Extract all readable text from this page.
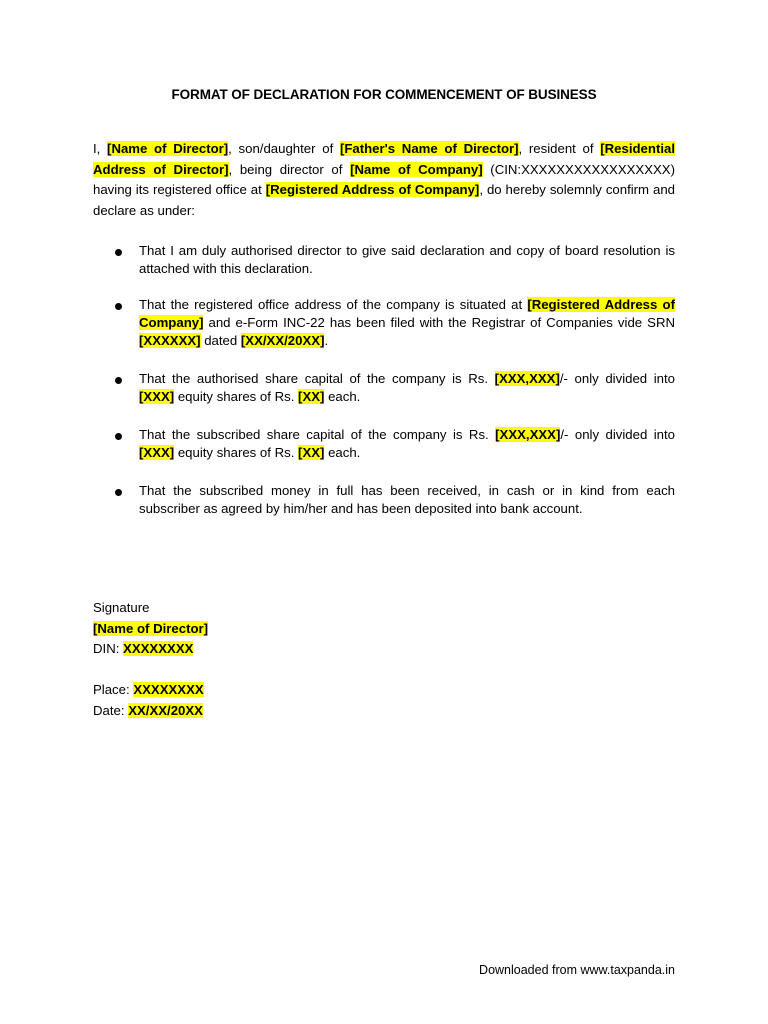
FORMAT OF DECLARATION FOR COMMENCEMENT OF BUSINESS
I, [Name of Director], son/daughter of [Father's Name of Director], resident of [Residential Address of Director], being director of [Name of Company] (CIN:XXXXXXXXXXXXXXXXX) having its registered office at [Registered Address of Company], do hereby solemnly confirm and declare as under:
That I am duly authorised director to give said declaration and copy of board resolution is attached with this declaration.
That the registered office address of the company is situated at [Registered Address of Company] and e-Form INC-22 has been filed with the Registrar of Companies vide SRN [XXXXXX] dated [XX/XX/20XX].
That the authorised share capital of the company is Rs. [XXX,XXX]/- only divided into [XXX] equity shares of Rs. [XX] each.
That the subscribed share capital of the company is Rs. [XXX,XXX]/- only divided into [XXX] equity shares of Rs. [XX] each.
That the subscribed money in full has been received, in cash or in kind from each subscriber as agreed by him/her and has been deposited into bank account.
Signature
[Name of Director]
DIN: XXXXXXXX
Place: XXXXXXXX
Date: XX/XX/20XX
Downloaded from www.taxpanda.in
